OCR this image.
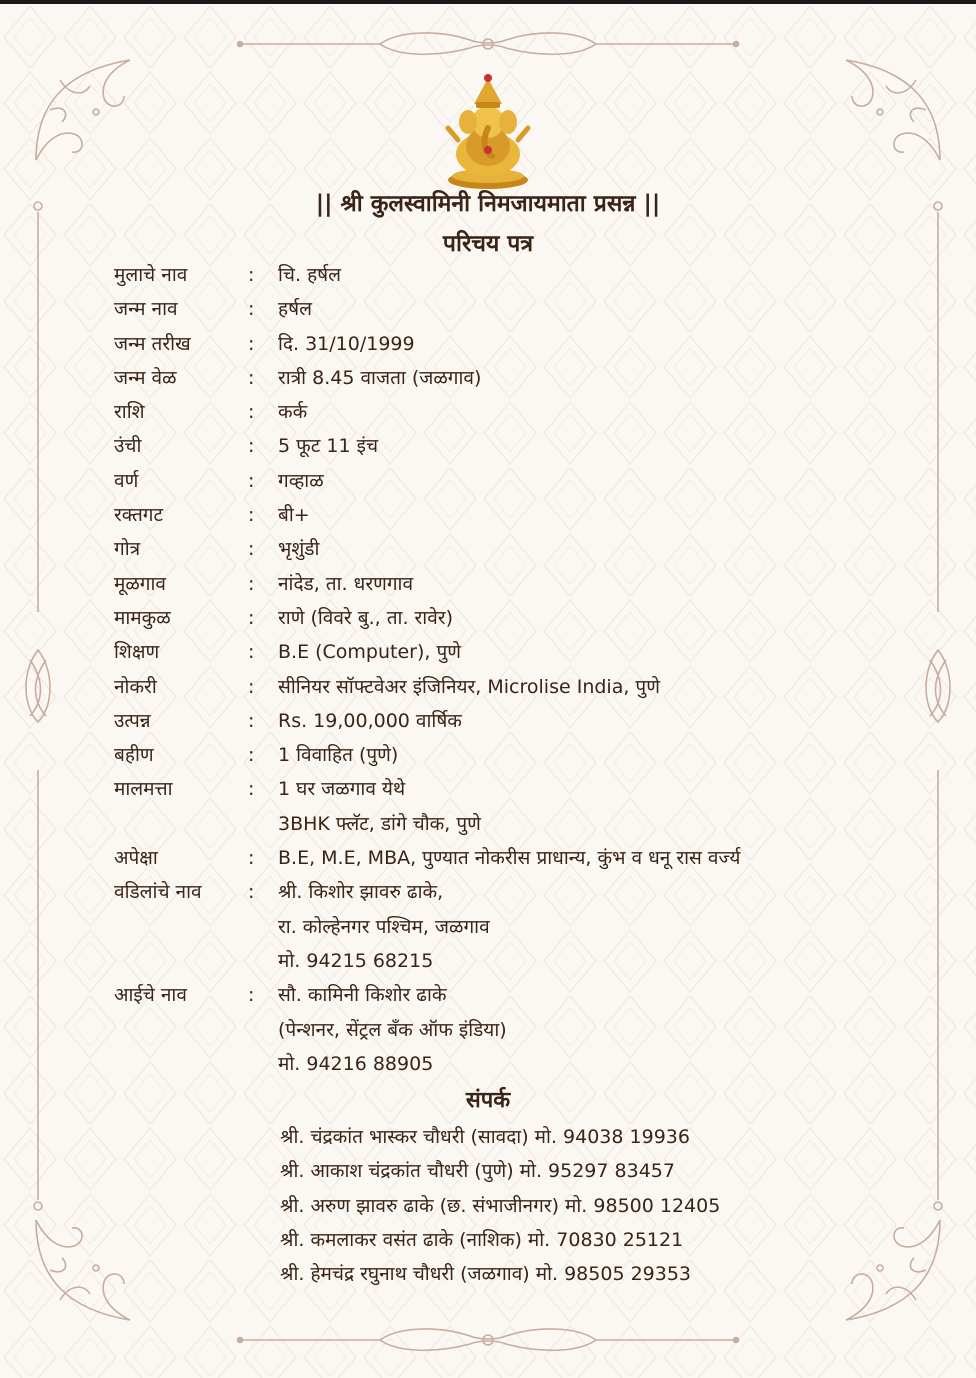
|| श्री कुलस्वामिनी निमजायमाता प्रसन्न ||

परिचय पत्र

मुलाचे नाव	:	चि. हर्षल
जन्म नाव	:	हर्षल
जन्म तरीख	:	दि. 31/10/1999
जन्म वेळ	:	रात्री 8.45 वाजता (जळगाव)
राशि	:	कर्क
उंची	:	5 फूट 11 इंच
वर्ण	:	गव्हाळ
रक्तगट	:	बी+
गोत्र	:	भृशुंडी
मूळगाव	:	नांदेड, ता. धरणगाव
मामकुळ	:	राणे (विवरे बु., ता. रावेर)
शिक्षण	:	B.E (Computer), पुणे
नोकरी	:	सीनियर सॉफ्टवेअर इंजिनियर, Microlise India, पुणे
उत्पन्न	:	Rs. 19,00,000 वार्षिक
बहीण	:	1 विवाहित (पुणे)
मालमत्ता	:	1 घर जळगाव येथे
3BHK फ्लॅट, डांगे चौक, पुणे
अपेक्षा	:	B.E, M.E, MBA, पुण्यात नोकरीस प्राधान्य, कुंभ व धनू रास वर्ज्य
वडिलांचे नाव	:	श्री. किशोर झावरु ढाके,
रा. कोल्हेनगर पश्चिम, जळगाव
मो. 94215 68215
आईचे नाव	:	सौ. कामिनी किशोर ढाके
(पेन्शनर, सेंट्रल बँक ऑफ इंडिया)
मो. 94216 88905

संपर्क

श्री. चंद्रकांत भास्कर चौधरी (सावदा) मो. 94038 19936
श्री. आकाश चंद्रकांत चौधरी (पुणे) मो. 95297 83457
श्री. अरुण झावरु ढाके (छ. संभाजीनगर) मो. 98500 12405
श्री. कमलाकर वसंत ढाके (नाशिक) मो. 70830 25121
श्री. हेमचंद्र रघुनाथ चौधरी (जळगाव) मो. 98505 29353
